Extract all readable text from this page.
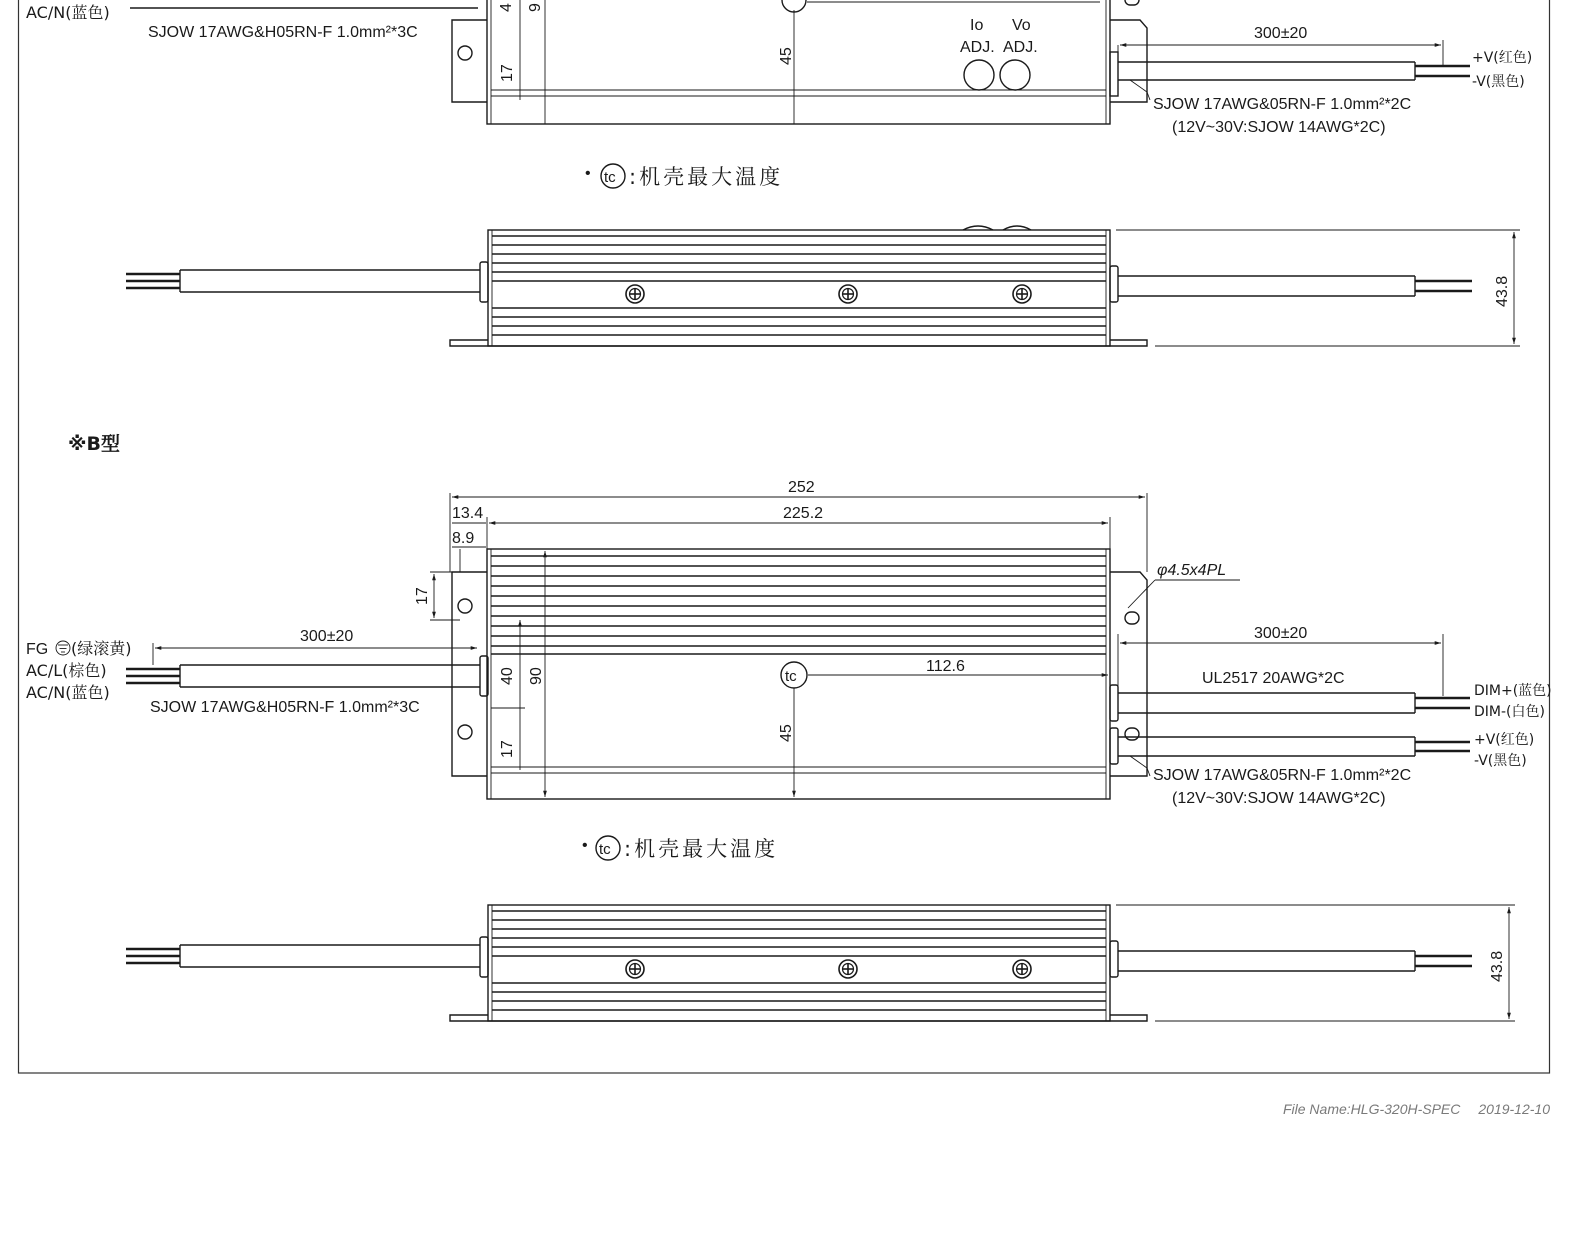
AC/N(蓝色)
SJOW 17AWG&H05RN-F 1.0mm²*3C
4 9
17
45
Io Vo
ADJ. ADJ.
300±20
+V(红色)
-V(黑色)
SJOW 17AWG&05RN-F 1.0mm²*2C
(12V~30V:SJOW 14AWG*2C)
• tc :机壳最大温度
43.8
※B型
252
225.2
13.4
8.9
17
φ4.5x4PL
40 90
17
45
tc
112.6
FG (绿滚黄)
AC/L(棕色)
AC/N(蓝色)
300±20
SJOW 17AWG&H05RN-F 1.0mm²*3C
300±20
UL2517 20AWG*2C
DIM+(蓝色)
DIM-(白色)
+V(红色)
-V(黑色)
SJOW 17AWG&05RN-F 1.0mm²*2C
(12V~30V:SJOW 14AWG*2C)
• tc :机壳最大温度
43.8
File Name:HLG-320H-SPEC 2019-12-10
